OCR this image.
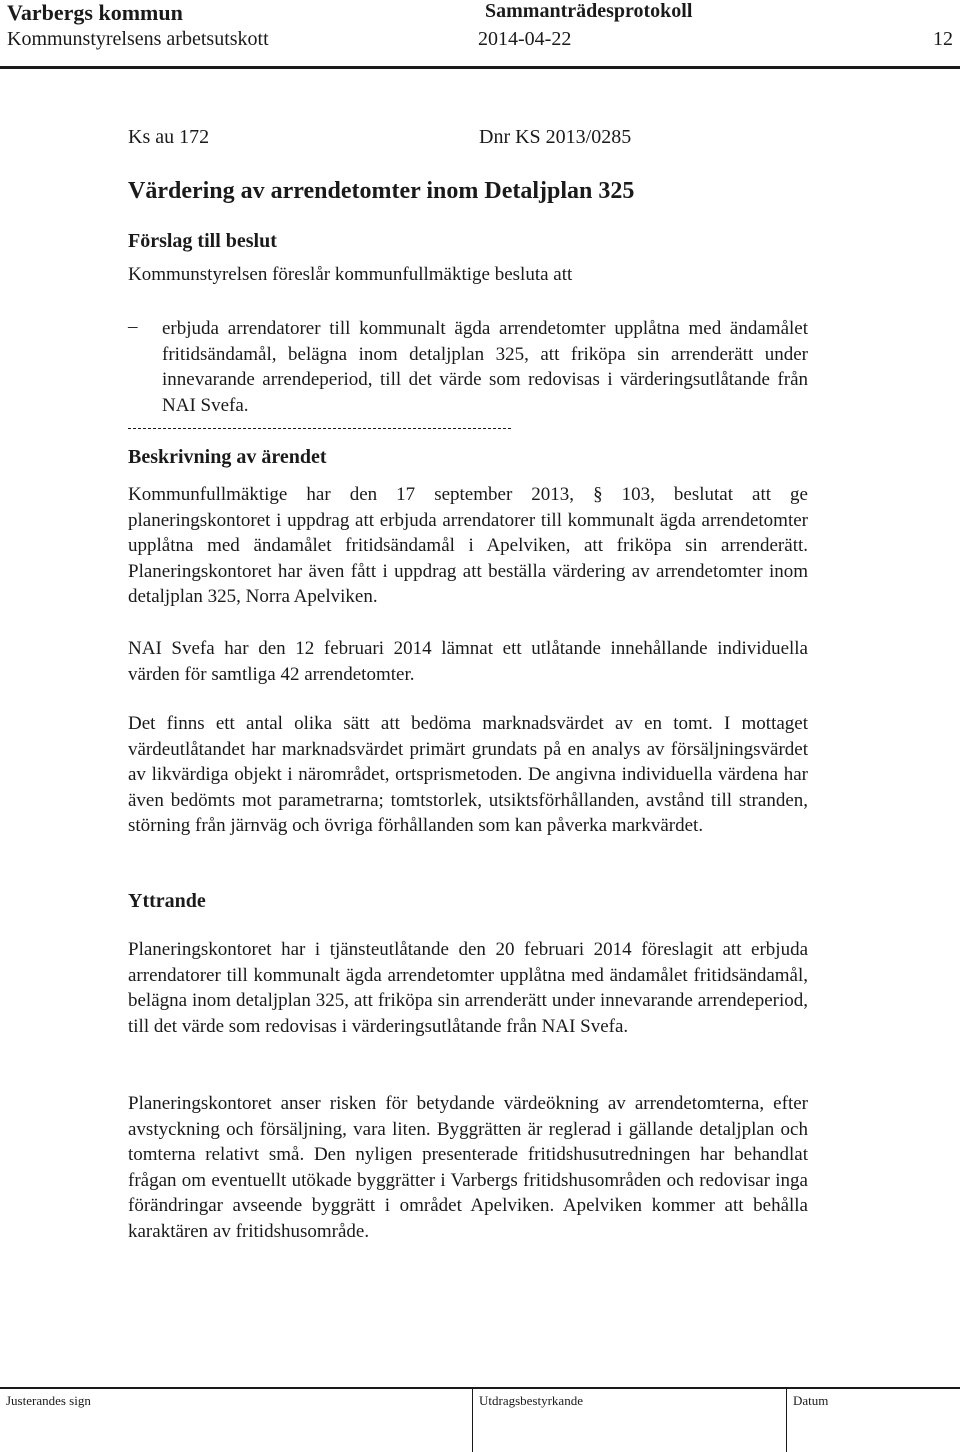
Varbergs kommun	Sammanträdesprotokoll
Kommunstyrelsens arbetsutskott	2014-04-22	12
Ks au 172	Dnr KS 2013/0285
Värdering av arrendetomter inom Detaljplan 325
Förslag till beslut
Kommunstyrelsen föreslår kommunfullmäktige besluta att
– erbjuda arrendatorer till kommunalt ägda arrendetomter upplåtna med ändamålet fritidsändamål, belägna inom detaljplan 325, att friköpa sin arrenderätt under innevarande arrendeperiod, till det värde som redovisas i värderingsutlåtande från NAI Svefa.
Beskrivning av ärendet
Kommunfullmäktige har den 17 september 2013, § 103, beslutat att ge planeringskontoret i uppdrag att erbjuda arrendatorer till kommunalt ägda arrendetomter upplåtna med ändamålet fritidsändamål i Apelviken, att friköpa sin arrenderätt. Planeringskontoret har även fått i uppdrag att beställa värdering av arrendetomter inom detaljplan 325, Norra Apelviken.
NAI Svefa har den 12 februari 2014 lämnat ett utlåtande innehållande individuella värden för samtliga 42 arrendetomter.
Det finns ett antal olika sätt att bedöma marknadsvärdet av en tomt. I mottaget värdeutlåtandet har marknadsvärdet primärt grundats på en analys av försäljningsvärdet av likvärdiga objekt i närområdet, ortsprismetoden. De angivna individuella värdena har även bedömts mot parametrarna; tomtstorlek, utsiktsförhållanden, avstånd till stranden, störning från järnväg och övriga förhållanden som kan påverka markvärdet.
Yttrande
Planeringskontoret har i tjänsteutlåtande den 20 februari 2014 föreslagit att erbjuda arrendatorer till kommunalt ägda arrendetomter upplåtna med ändamålet fritidsändamål, belägna inom detaljplan 325, att friköpa sin arrenderätt under innevarande arrendeperiod, till det värde som redovisas i värderingsutlåtande från NAI Svefa.
Planeringskontoret anser risken för betydande värdeökning av arrendetomterna, efter avstyckning och försäljning, vara liten. Byggrätten är reglerad i gällande detaljplan och tomterna relativt små. Den nyligen presenterade fritidshusutredningen har behandlat frågan om eventuellt utökade byggrätter i Varbergs fritidshusområden och redovisar inga förändringar avseende byggrätt i området Apelviken. Apelviken kommer att behålla karaktären av fritidshusområde.
Justerandes sign	Utdragsbestyrkande	Datum
